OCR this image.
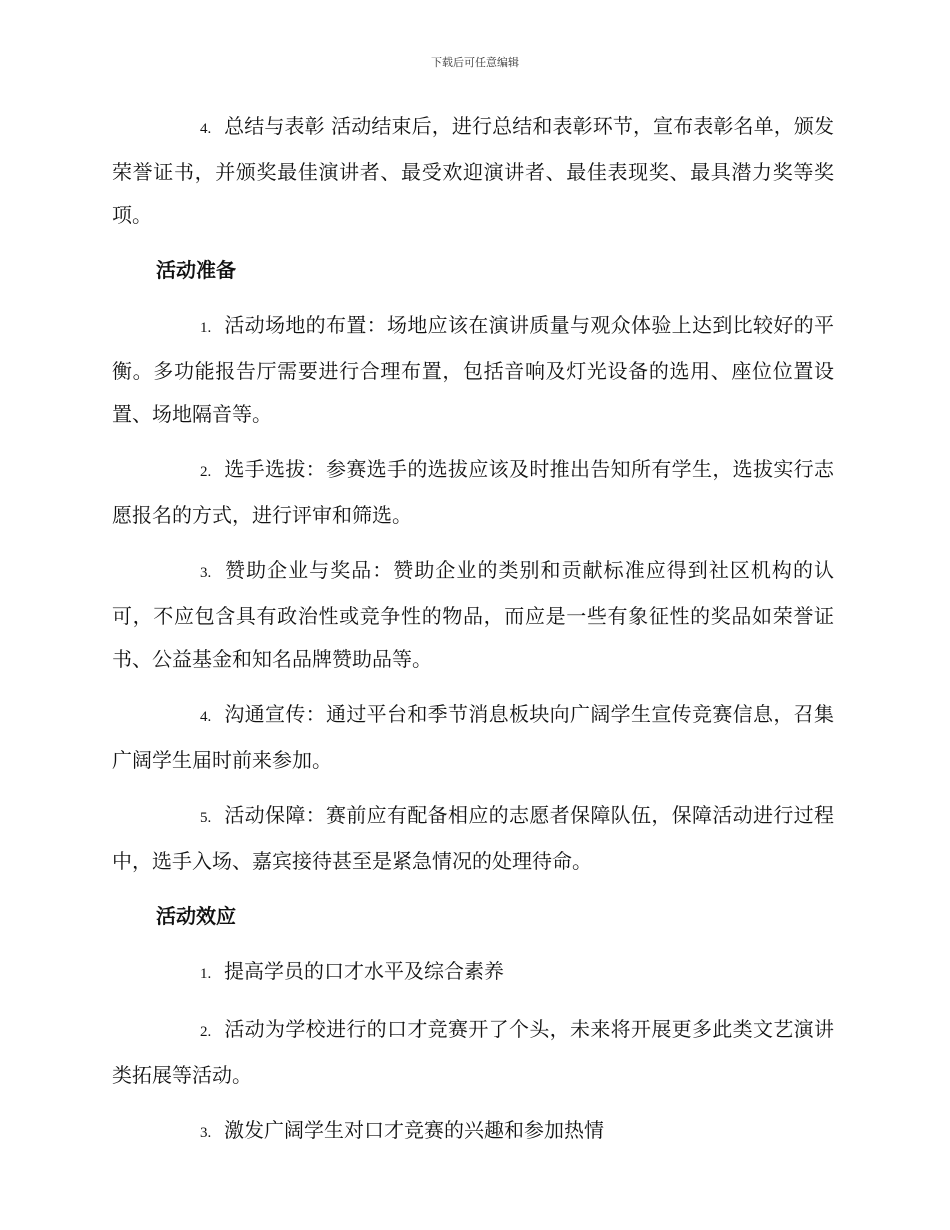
下载后可任意编辑

4. 总结与表彰 活动结束后，进行总结和表彰环节，宣布表彰名单，颁发荣誉证书，并颁奖最佳演讲者、最受欢迎演讲者、最佳表现奖、最具潜力奖等奖项。

活动准备

1. 活动场地的布置：场地应该在演讲质量与观众体验上达到比较好的平衡。多功能报告厅需要进行合理布置，包括音响及灯光设备的选用、座位位置设置、场地隔音等。

2. 选手选拔：参赛选手的选拔应该及时推出告知所有学生，选拔实行志愿报名的方式，进行评审和筛选。

3. 赞助企业与奖品：赞助企业的类别和贡献标准应得到社区机构的认可，不应包含具有政治性或竞争性的物品，而应是一些有象征性的奖品如荣誉证书、公益基金和知名品牌赞助品等。

4. 沟通宣传：通过平台和季节消息板块向广阔学生宣传竞赛信息，召集广阔学生届时前来参加。

5. 活动保障：赛前应有配备相应的志愿者保障队伍，保障活动进行过程中，选手入场、嘉宾接待甚至是紧急情况的处理待命。

活动效应

1. 提高学员的口才水平及综合素养

2. 活动为学校进行的口才竞赛开了个头，未来将开展更多此类文艺演讲类拓展等活动。

3. 激发广阔学生对口才竞赛的兴趣和参加热情
